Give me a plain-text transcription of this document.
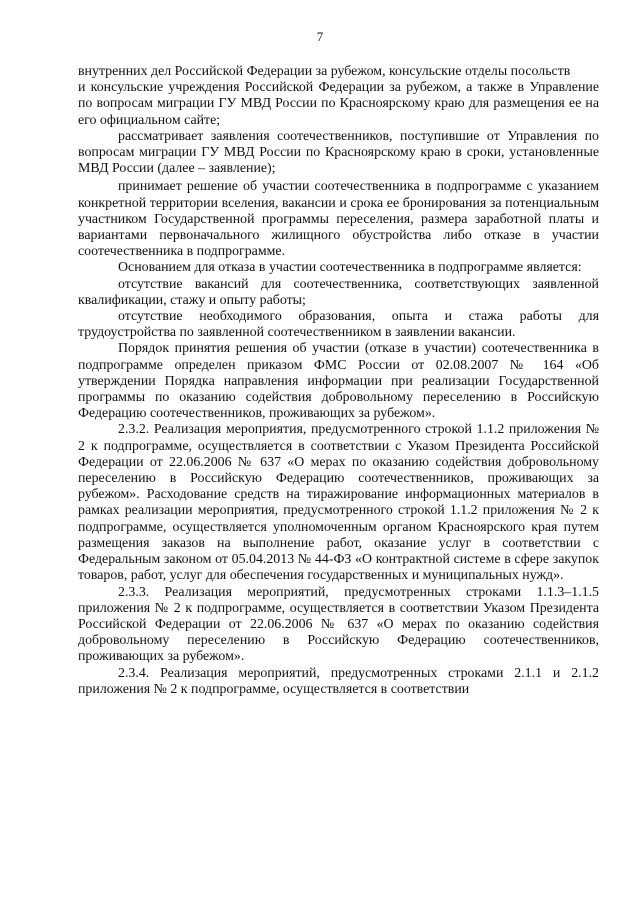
7

внутренних дел Российской Федерации за рубежом, консульские отделы посольств

и консульские учреждения Российской Федерации за рубежом, а также в Управление по вопросам миграции ГУ МВД России по Красноярскому краю для размещения ее на его официальном сайте;

рассматривает заявления соотечественников, поступившие от Управления по вопросам миграции ГУ МВД России по Красноярскому краю в сроки, установленные МВД России (далее – заявление);

принимает решение об участии соотечественника в подпрограмме с указанием конкретной территории вселения, вакансии и срока ее бронирования за потенциальным участником Государственной программы переселения, размера заработной платы и вариантами первоначального жилищного обустройства либо отказе в участии соотечественника в подпрограмме.

Основанием для отказа в участии соотечественника в подпрограмме является:

отсутствие вакансий для соотечественника, соответствующих заявленной квалификации, стажу и опыту работы;

отсутствие необходимого образования, опыта и стажа работы для трудоустройства по заявленной соотечественником в заявлении вакансии.

Порядок принятия решения об участии (отказе в участии) соотечественника в подпрограмме определен приказом ФМС России от 02.08.2007 № 164 «Об утверждении Порядка направления информации при реализации Государственной программы по оказанию содействия добровольному переселению в Российскую Федерацию соотечественников, проживающих за рубежом».

2.3.2. Реализация мероприятия, предусмотренного строкой 1.1.2 приложения № 2 к подпрограмме, осуществляется в соответствии с Указом Президента Российской Федерации от 22.06.2006 № 637 «О мерах по оказанию содействия добровольному переселению в Российскую Федерацию соотечественников, проживающих за рубежом». Расходование средств на тиражирование информационных материалов в рамках реализации мероприятия, предусмотренного строкой 1.1.2 приложения № 2 к подпрограмме, осуществляется уполномоченным органом Красноярского края путем размещения заказов на выполнение работ, оказание услуг в соответствии с Федеральным законом от 05.04.2013 № 44-ФЗ «О контрактной системе в сфере закупок товаров, работ, услуг для обеспечения государственных и муниципальных нужд».

2.3.3. Реализация мероприятий, предусмотренных строками 1.1.3–1.1.5 приложения № 2 к подпрограмме, осуществляется в соответствии Указом Президента Российской Федерации от 22.06.2006 № 637 «О мерах по оказанию содействия добровольному переселению в Российскую Федерацию соотечественников, проживающих за рубежом».

2.3.4. Реализация мероприятий, предусмотренных строками 2.1.1 и 2.1.2 приложения № 2 к подпрограмме, осуществляется в соответствии
